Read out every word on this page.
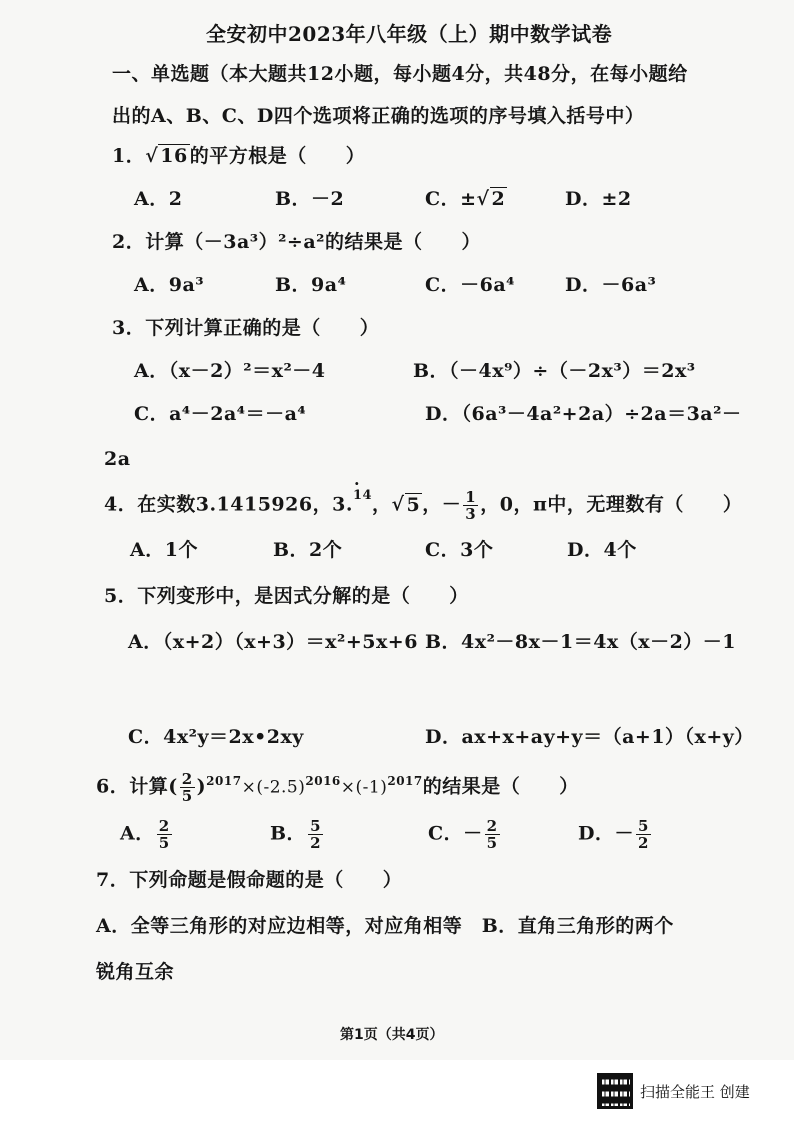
全安初中2023年八年级（上）期中数学试卷
一、单选题（本大题共12小题，每小题4分，共48分，在每小题给
出的A、B、C、D四个选项将正确的选项的序号填入括号中）
1．√ 16 的平方根是（　　）
A．2	B．－2	C．±√ 2	D．±2
2．计算（－3a³）²÷a²的结果是（　　）
A．9a³	B．9a⁴	C．－6a⁴	D．－6a³
3．下列计算正确的是（　　）
A．（x－2）²＝x²－4	B．（－4x⁹）÷（－2x³）＝2x³
C．a⁴－2a⁴＝－a⁴	D．（6a³－4a²+2a）÷2a＝3a²－
2a
4．在实数3.1415926，3.· 14，√ 5 ，－ $\frac{1}{3}$ ，0，π中，无理数有（　　）
A．1个	B．2个	C．3个	D．4个
5．下列变形中，是因式分解的是（　　）
A．（x+2）（x+3）＝x²+5x+6 B．4x²－8x－1＝4x（x－2）－1

C．4x²y＝2x•2xy	D．ax+x+ay+y＝（a+1）（x+y）
6．计算( $\frac{2}{5} )^{2017}\times(-2.5)^{2016}\times(-1)^{2017}$的结果是（　　）
A． $\frac{2}{5}$	B． $\frac{5}{2}$	C．－ $\frac{2}{5}$	D．－ $\frac{5}{2}$
7．下列命题是假命题的是（　　）
A．全等三角形的对应边相等，对应角相等　B．直角三角形的两个
锐角互余
第1页（共4页）
扫描全能王 创建
